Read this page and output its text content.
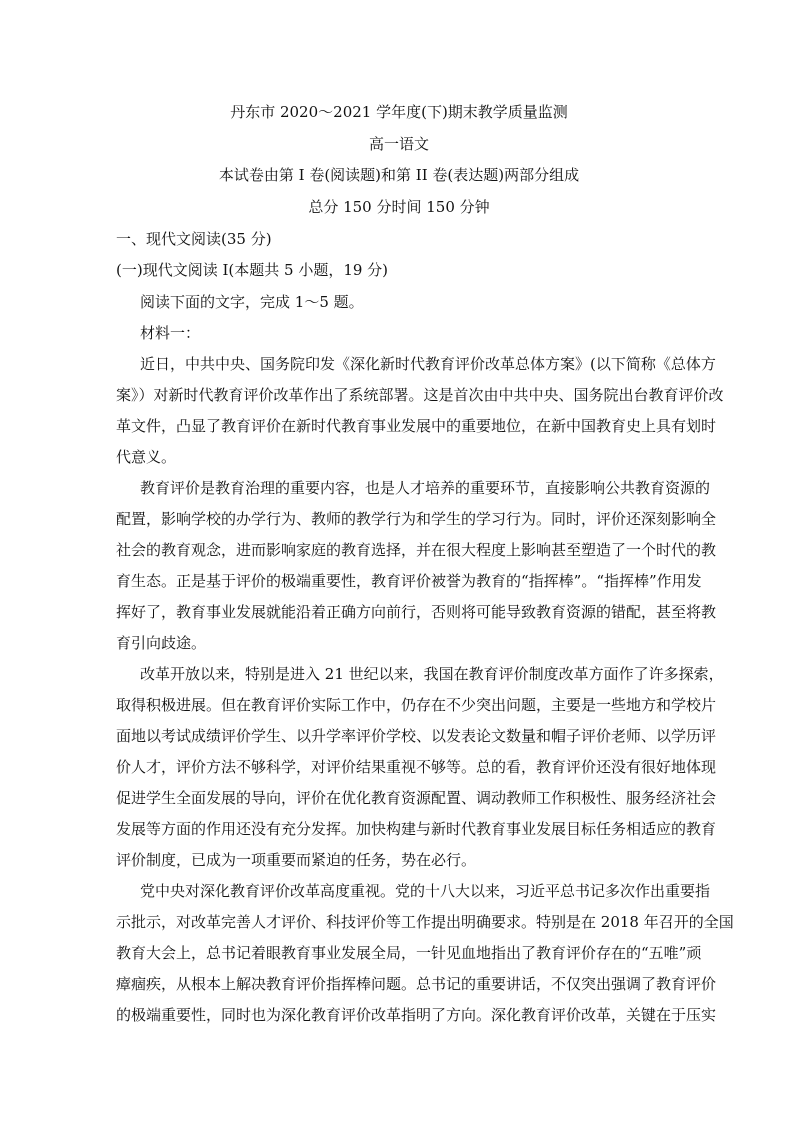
丹东市 2020～2021 学年度(下)期末教学质量监测
高一语文
本试卷由第 I 卷(阅读题)和第 II 卷(表达题)两部分组成
总分 150 分时间 150 分钟
一、现代文阅读(35 分)
(一)现代文阅读 I(本题共 5 小题，19 分)
阅读下面的文字，完成 1～5 题。
材料一：
近日，中共中央、国务院印发《深化新时代教育评价改革总体方案》(以下简称《总体方
案》）对新时代教育评价改革作出了系统部署。这是首次由中共中央、国务院出台教育评价改
革文件，凸显了教育评价在新时代教育事业发展中的重要地位，在新中国教育史上具有划时
代意义。
教育评价是教育治理的重要内容，也是人才培养的重要环节，直接影响公共教育资源的
配置，影响学校的办学行为、教师的教学行为和学生的学习行为。同时，评价还深刻影响全
社会的教育观念，进而影响家庭的教育选择，并在很大程度上影响甚至塑造了一个时代的教
育生态。正是基于评价的极端重要性，教育评价被誉为教育的“指挥棒”。“指挥棒”作用发
挥好了，教育事业发展就能沿着正确方向前行，否则将可能导致教育资源的错配，甚至将教
育引向歧途。
改革开放以来，特别是进入 21 世纪以来，我国在教育评价制度改革方面作了许多探索，
取得积极进展。但在教育评价实际工作中，仍存在不少突出问题，主要是一些地方和学校片
面地以考试成绩评价学生、以升学率评价学校、以发表论文数量和帽子评价老师、以学历评
价人才，评价方法不够科学，对评价结果重视不够等。总的看，教育评价还没有很好地体现
促进学生全面发展的导向，评价在优化教育资源配置、调动教师工作积极性、服务经济社会
发展等方面的作用还没有充分发挥。加快构建与新时代教育事业发展目标任务相适应的教育
评价制度，已成为一项重要而紧迫的任务，势在必行。
党中央对深化教育评价改革高度重视。党的十八大以来，习近平总书记多次作出重要指
示批示，对改革完善人才评价、科技评价等工作提出明确要求。特别是在 2018 年召开的全国
教育大会上，总书记着眼教育事业发展全局，一针见血地指出了教育评价存在的“五唯”顽
瘴痼疾，从根本上解决教育评价指挥棒问题。总书记的重要讲话，不仅突出强调了教育评价
的极端重要性，同时也为深化教育评价改革指明了方向。深化教育评价改革，关键在于压实
